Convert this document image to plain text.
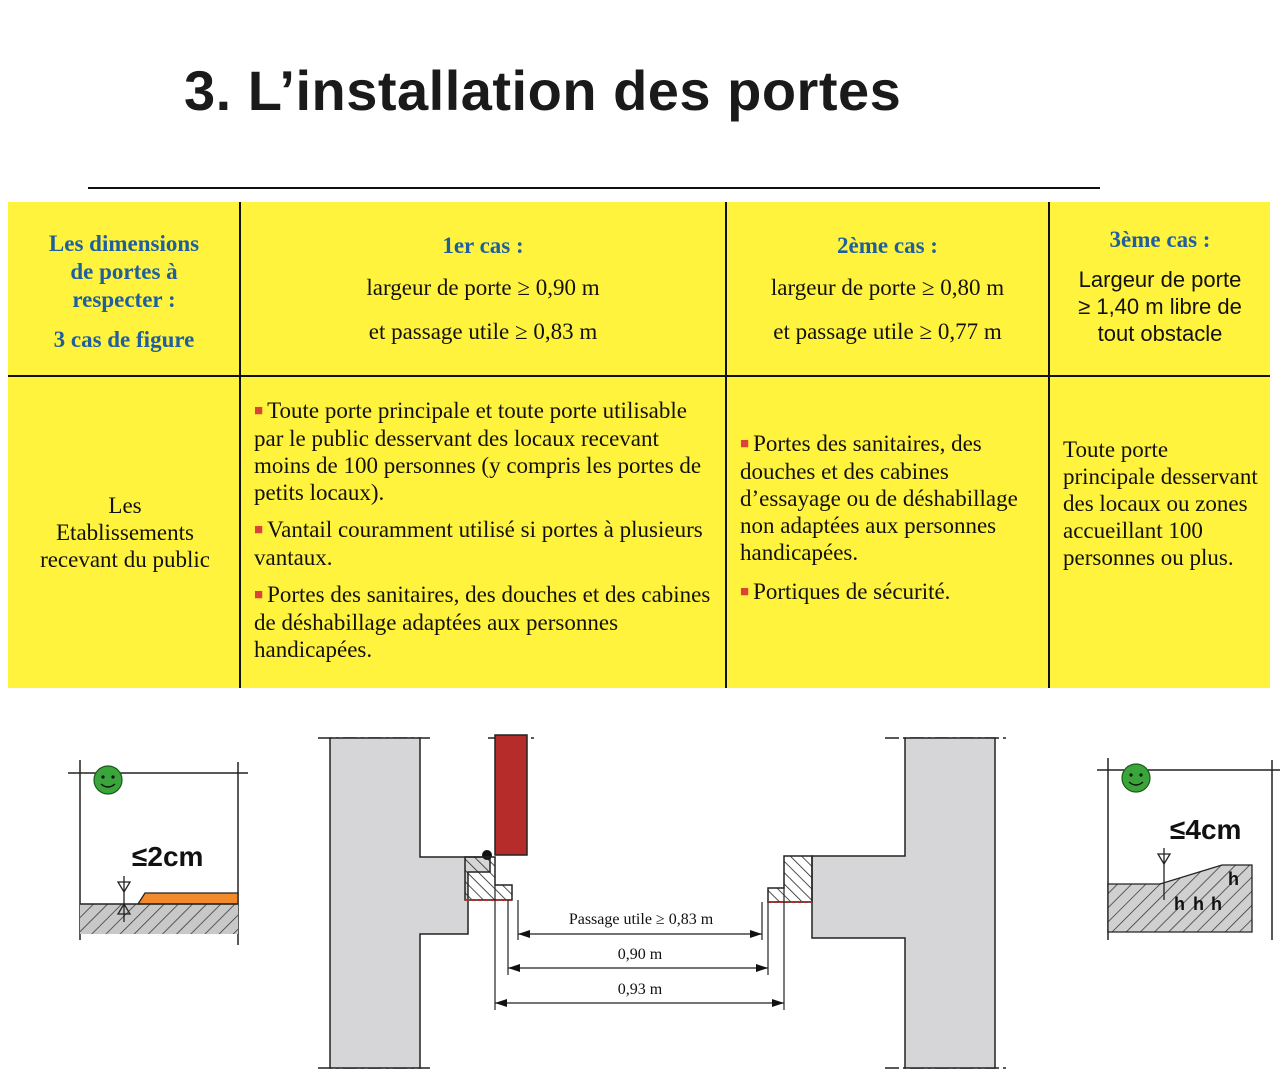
3. L’installation des portes

Les dimensions

de portes à

respecter :

3 cas de figure

1er cas :

largeur de porte ≥ 0,90 m

et passage utile ≥ 0,83 m

2ème cas :

largeur de porte ≥ 0,80 m

et passage utile ≥ 0,77 m

3ème cas :

Largeur de porte

≥ 1,40 m libre de

tout obstacle

Les

Etablissements

recevant du public

■ Toute porte principale et toute porte utilisable par le public desservant des locaux recevant moins de 100 personnes (y compris les portes de petits locaux).

■ Vantail couramment utilisé si portes à plusieurs vantaux.

■ Portes des sanitaires, des douches et des cabines de déshabillage adaptées aux personnes handicapées.

■ Portes des sanitaires, des douches et des cabines d’essayage ou de déshabillage non adaptées aux personnes handicapées.

■ Portiques de sécurité.

Toute porte principale desservant des locaux ou zones accueillant 100 personnes ou plus.

≤2cm
Passage utile ≥ 0,83 m
0,90 m
0,93 m
≤4cm
h
h h h
